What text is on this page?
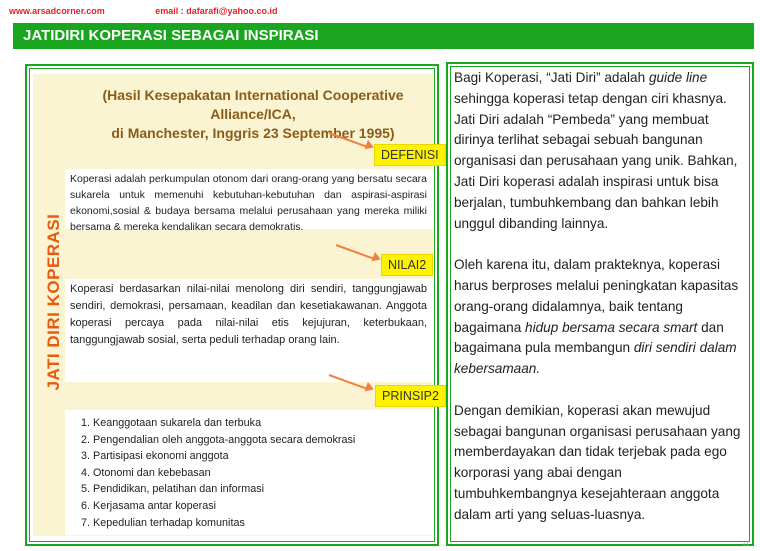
www.arsadcorner.com	email : dafarafi@yahoo.co.id
JATIDIRI KOPERASI SEBAGAI INSPIRASI
JATI DIRI KOPERASI
(Hasil Kesepakatan International Cooperative Alliance/ICA,
di Manchester, Inggris 23 September 1995)
DEFENISI
Koperasi adalah perkumpulan otonom dari orang-orang yang bersatu secara sukarela untuk memenuhi kebutuhan-kebutuhan dan aspirasi-aspirasi ekonomi,sosial & budaya bersama melalui perusahaan yang mereka miliki bersama & mereka kendalikan secara demokratis.
NILAI2
Koperasi berdasarkan nilai-nilai menolong diri sendiri, tanggungjawab sendiri, demokrasi, persamaan, keadilan dan kesetiakawanan. Anggota koperasi percaya pada nilai-nilai etis kejujuran, keterbukaan, tanggungjawab sosial, serta peduli terhadap orang lain.
PRINSIP2
1. Keanggotaan sukarela dan terbuka
2. Pengendalian oleh anggota-anggota secara demokrasi
3. Partisipasi ekonomi anggota
4. Otonomi dan kebebasan
5. Pendidikan, pelatihan dan informasi
6. Kerjasama antar koperasi
7. Kepedulian terhadap komunitas

Bagi Koperasi, “Jati Diri” adalah guide line sehingga koperasi tetap dengan ciri khasnya. Jati Diri adalah “Pembeda” yang membuat dirinya terlihat sebagai sebuah bangunan organisasi dan perusahaan yang unik. Bahkan, Jati Diri koperasi adalah inspirasi untuk bisa berjalan, tumbuhkembang dan bahkan lebih unggul dibanding lainnya.

Oleh karena itu, dalam prakteknya, koperasi harus berproses melalui peningkatan kapasitas orang-orang didalamnya, baik tentang bagaimana hidup bersama secara smart dan bagaimana pula membangun diri sendiri dalam kebersamaan.

Dengan demikian, koperasi akan mewujud sebagai bangunan organisasi perusahaan yang memberdayakan dan tidak terjebak pada ego korporasi yang abai dengan tumbuhkembangnya kesejahteraan anggota dalam arti yang seluas-luasnya.

11
